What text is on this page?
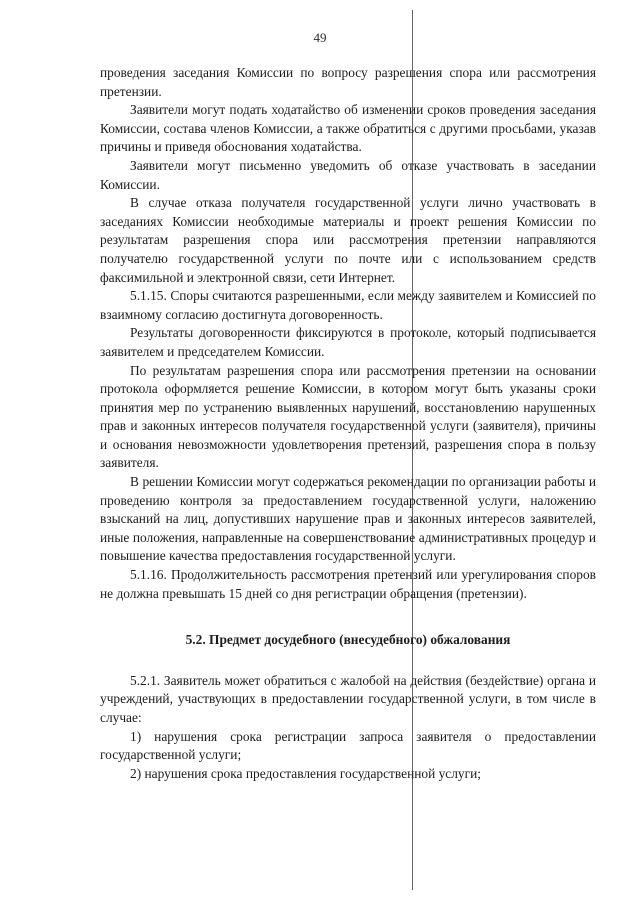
49

проведения заседания Комиссии по вопросу разрешения спора или рассмотрения претензии.

Заявители могут подать ходатайство об изменении сроков проведения заседания Комиссии, состава членов Комиссии, а также обратиться с другими просьбами, указав причины и приведя обоснования ходатайства.

Заявители могут письменно уведомить об отказе участвовать в заседании Комиссии.

В случае отказа получателя государственной услуги лично участвовать в заседаниях Комиссии необходимые материалы и проект решения Комиссии по результатам разрешения спора или рассмотрения претензии направляются получателю государственной услуги по почте или с использованием средств факсимильной и электронной связи, сети Интернет.

5.1.15. Споры считаются разрешенными, если между заявителем и Комиссией по взаимному согласию достигнута договоренность.

Результаты договоренности фиксируются в протоколе, который подписывается заявителем и председателем Комиссии.

По результатам разрешения спора или рассмотрения претензии на основании протокола оформляется решение Комиссии, в котором могут быть указаны сроки принятия мер по устранению выявленных нарушений, восстановлению нарушенных прав и законных интересов получателя государственной услуги (заявителя), причины и основания невозможности удовлетворения претензий, разрешения спора в пользу заявителя.

В решении Комиссии могут содержаться рекомендации по организации работы и проведению контроля за предоставлением государственной услуги, наложению взысканий на лиц, допустивших нарушение прав и законных интересов заявителей, иные положения, направленные на совершенствование административных процедур и повышение качества предоставления государственной услуги.

5.1.16. Продолжительность рассмотрения претензий или урегулирования споров не должна превышать 15 дней со дня регистрации обращения (претензии).

5.2. Предмет досудебного (внесудебного) обжалования

5.2.1. Заявитель может обратиться с жалобой на действия (бездействие) органа и учреждений, участвующих в предоставлении государственной услуги, в том числе в случае:

1) нарушения срока регистрации запроса заявителя о предоставлении государственной услуги;

2) нарушения срока предоставления государственной услуги;
